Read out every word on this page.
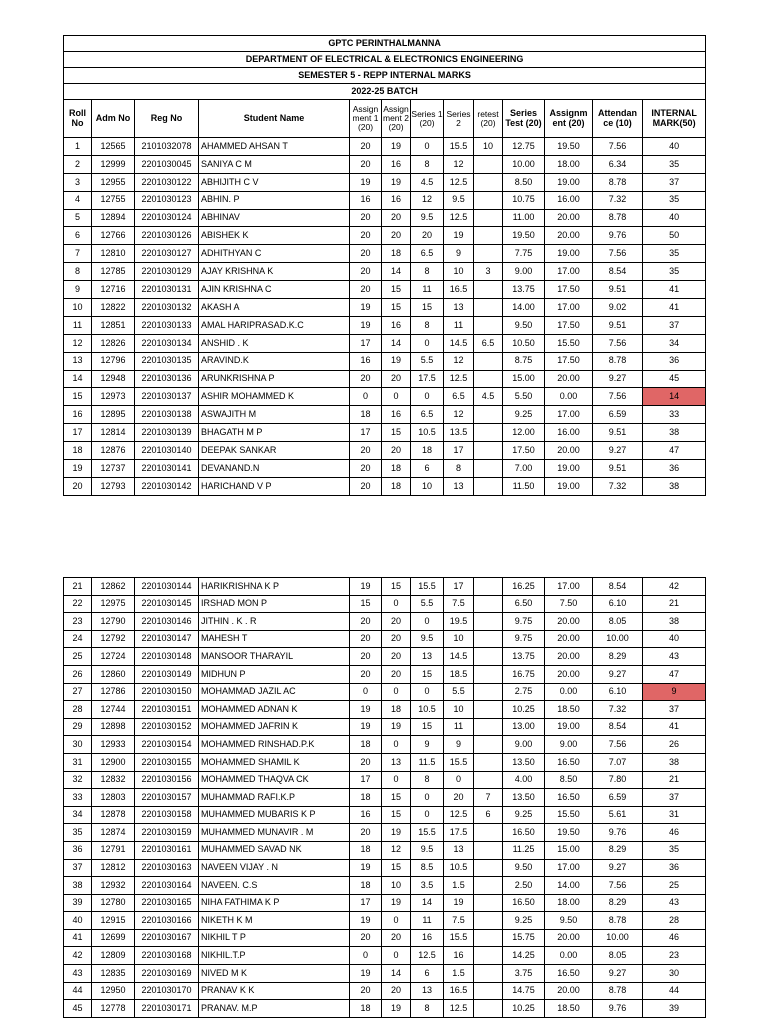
GPTC PERINTHALMANNA												
DEPARTMENT OF ELECTRICAL & ELECTRONICS ENGINEERING												
SEMESTER 5 - REPP INTERNAL MARKS												
2022-25 BATCH												
Roll No	Adm No	Reg No	Student Name	Assign ment 1 (20)	Assign ment 2 (20)	Series 1 (20)	Series 2	retest (20)	Series Test (20)	Assignm ent (20)	Attendan ce (10)	INTERNAL MARK(50)
1	12565	2101032078	AHAMMED AHSAN T	20	19	0	15.5	10	12.75	19.50	7.56	40
2	12999	2201030045	SANIYA C M	20	16	8	12		10.00	18.00	6.34	35
3	12955	2201030122	ABHIJITH C V	19	19	4.5	12.5		8.50	19.00	8.78	37
4	12755	2201030123	ABHIN. P	16	16	12	9.5		10.75	16.00	7.32	35
5	12894	2201030124	ABHINAV	20	20	9.5	12.5		11.00	20.00	8.78	40
6	12766	2201030126	ABISHEK K	20	20	20	19		19.50	20.00	9.76	50
7	12810	2201030127	ADHITHYAN C	20	18	6.5	9		7.75	19.00	7.56	35
8	12785	2201030129	AJAY KRISHNA K	20	14	8	10	3	9.00	17.00	8.54	35
9	12716	2201030131	AJIN KRISHNA C	20	15	11	16.5		13.75	17.50	9.51	41
10	12822	2201030132	AKASH A	19	15	15	13		14.00	17.00	9.02	41
11	12851	2201030133	AMAL HARIPRASAD.K.C	19	16	8	11		9.50	17.50	9.51	37
12	12826	2201030134	ANSHID . K	17	14	0	14.5	6.5	10.50	15.50	7.56	34
13	12796	2201030135	ARAVIND.K	16	19	5.5	12		8.75	17.50	8.78	36
14	12948	2201030136	ARUNKRISHNA P	20	20	17.5	12.5		15.00	20.00	9.27	45
15	12973	2201030137	ASHIR MOHAMMED K	0	0	0	6.5	4.5	5.50	0.00	7.56	14
16	12895	2201030138	ASWAJITH M	18	16	6.5	12		9.25	17.00	6.59	33
17	12814	2201030139	BHAGATH M P	17	15	10.5	13.5		12.00	16.00	9.51	38
18	12876	2201030140	DEEPAK SANKAR	20	20	18	17		17.50	20.00	9.27	47
19	12737	2201030141	DEVANAND.N	20	18	6	8		7.00	19.00	9.51	36
20	12793	2201030142	HARICHAND V P	20	18	10	13		11.50	19.00	7.32	38
21	12862	2201030144	HARIKRISHNA K P	19	15	15.5	17		16.25	17.00	8.54	42
22	12975	2201030145	IRSHAD MON P	15	0	5.5	7.5		6.50	7.50	6.10	21
23	12790	2201030146	JITHIN . K . R	20	20	0	19.5		9.75	20.00	8.05	38
24	12792	2201030147	MAHESH T	20	20	9.5	10		9.75	20.00	10.00	40
25	12724	2201030148	MANSOOR THARAYIL	20	20	13	14.5		13.75	20.00	8.29	43
26	12860	2201030149	MIDHUN P	20	20	15	18.5		16.75	20.00	9.27	47
27	12786	2201030150	MOHAMMAD JAZIL AC	0	0	0	5.5		2.75	0.00	6.10	9
28	12744	2201030151	MOHAMMED ADNAN K	19	18	10.5	10		10.25	18.50	7.32	37
29	12898	2201030152	MOHAMMED JAFRIN K	19	19	15	11		13.00	19.00	8.54	41
30	12933	2201030154	MOHAMMED RINSHAD.P.K	18	0	9	9		9.00	9.00	7.56	26
31	12900	2201030155	MOHAMMED SHAMIL K	20	13	11.5	15.5		13.50	16.50	7.07	38
32	12832	2201030156	MOHAMMED THAQVA CK	17	0	8	0		4.00	8.50	7.80	21
33	12803	2201030157	MUHAMMAD RAFI.K.P	18	15	0	20	7	13.50	16.50	6.59	37
34	12878	2201030158	MUHAMMED MUBARIS K P	16	15	0	12.5	6	9.25	15.50	5.61	31
35	12874	2201030159	MUHAMMED MUNAVIR . M	20	19	15.5	17.5		16.50	19.50	9.76	46
36	12791	2201030161	MUHAMMED SAVAD NK	18	12	9.5	13		11.25	15.00	8.29	35
37	12812	2201030163	NAVEEN VIJAY . N	19	15	8.5	10.5		9.50	17.00	9.27	36
38	12932	2201030164	NAVEEN. C.S	18	10	3.5	1.5		2.50	14.00	7.56	25
39	12780	2201030165	NIHA FATHIMA K P	17	19	14	19		16.50	18.00	8.29	43
40	12915	2201030166	NIKETH K M	19	0	11	7.5		9.25	9.50	8.78	28
41	12699	2201030167	NIKHIL T P	20	20	16	15.5		15.75	20.00	10.00	46
42	12809	2201030168	NIKHIL.T.P	0	0	12.5	16		14.25	0.00	8.05	23
43	12835	2201030169	NIVED M K	19	14	6	1.5		3.75	16.50	9.27	30
44	12950	2201030170	PRANAV K K	20	20	13	16.5		14.75	20.00	8.78	44
45	12778	2201030171	PRANAV. M.P	18	19	8	12.5		10.25	18.50	9.76	39
